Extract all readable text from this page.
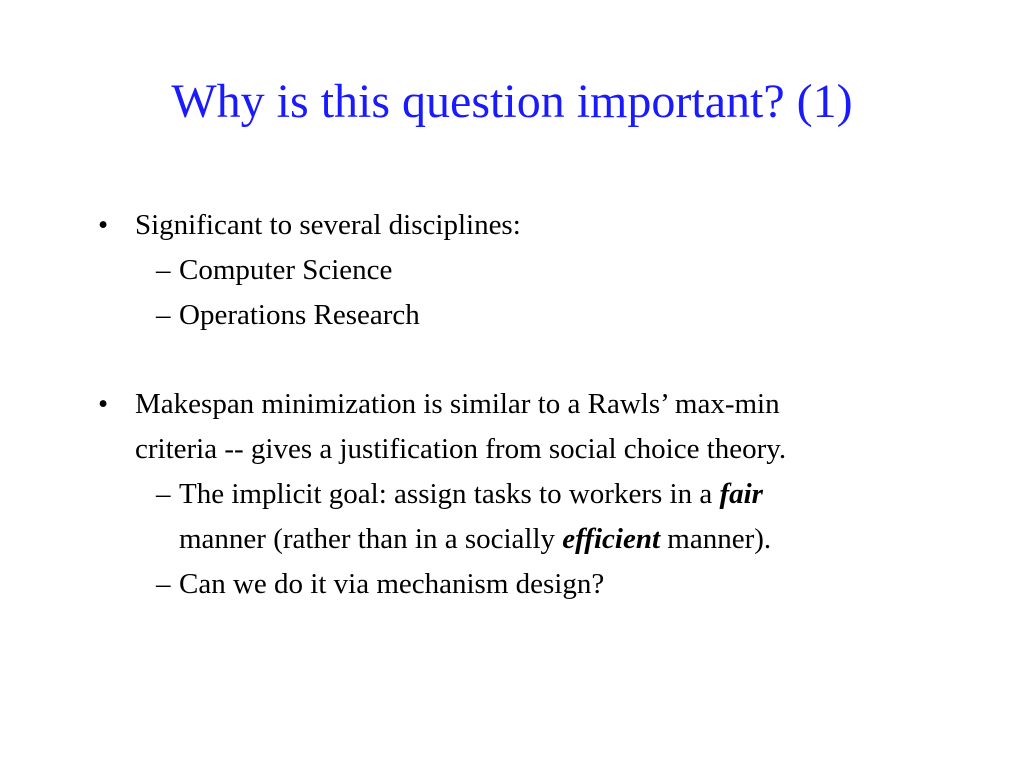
Why is this question important? (1)
• Significant to several disciplines:
– Computer Science
– Operations Research
• Makespan minimization is similar to a Rawls’ max-min
criteria -- gives a justification from social choice theory.
– The implicit goal: assign tasks to workers in a fair
manner (rather than in a socially efficient manner).
– Can we do it via mechanism design?
